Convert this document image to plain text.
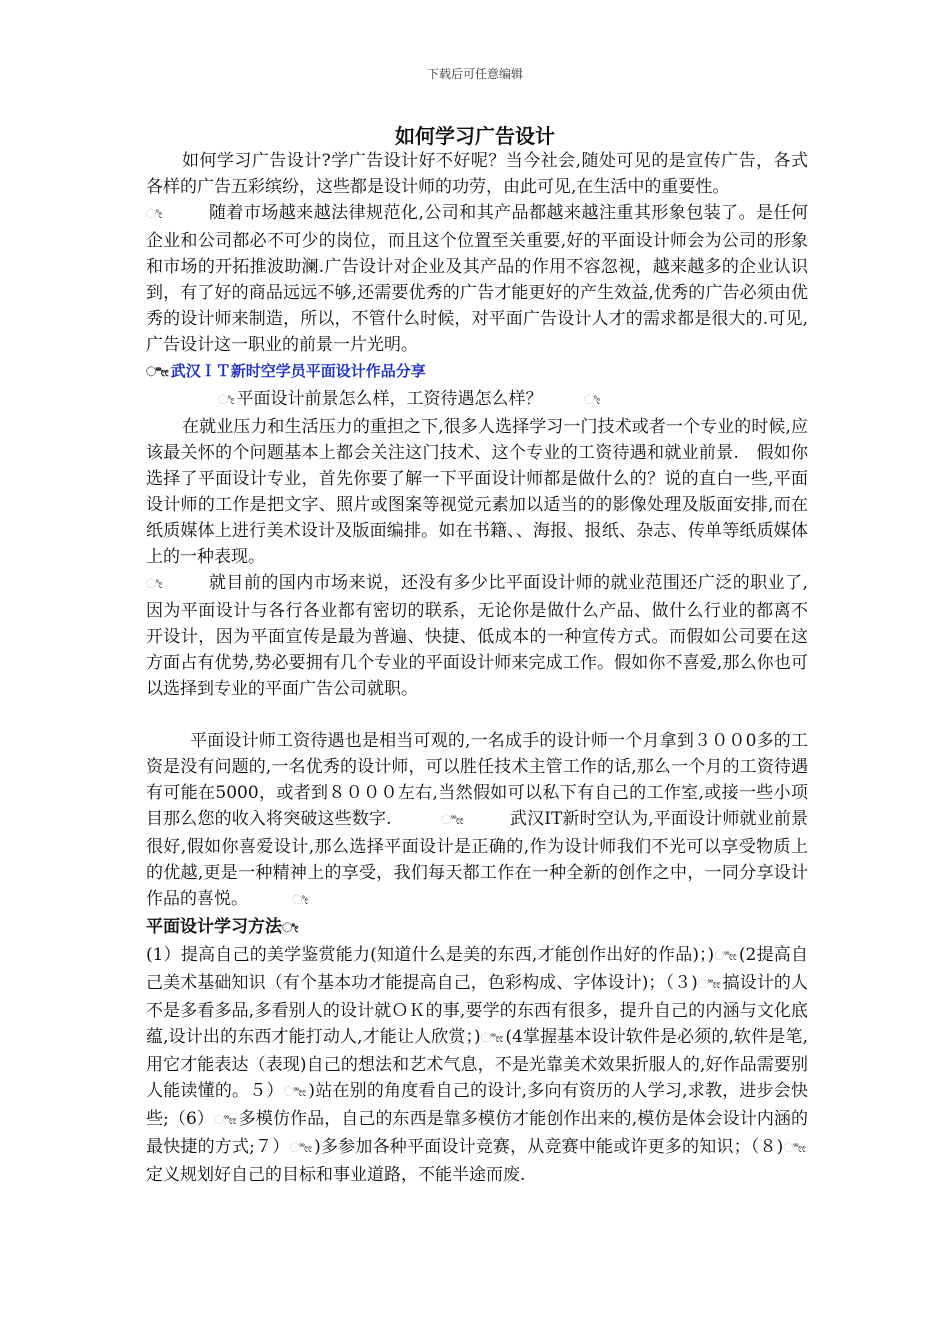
下载后可任意编辑
如何学习广告设计

如何学习广告设计?学广告设计好不好呢？当今社会,随处可见的是宣传广告，各式各样的广告五彩缤纷，这些都是设计师的功劳，由此可见,在生活中的重要性。

ೀ	随着市场越来越法律规范化,公司和其产品都越来越注重其形象包装了。是任何企业和公司都必不可少的岗位，而且这个位置至关重要,好的平面设计师会为公司的形象和市场的开拓推波助澜.广告设计对企业及其产品的作用不容忽视，越来越多的企业认识到，有了好的商品远远不够,还需要优秀的广告才能更好的产生效益,优秀的广告必须由优秀的设计师来制造，所以，不管什么时候，对平面广告设计人才的需求都是很大的.可见,广告设计这一职业的前景一片光明。

ೀೀ 武汉ＩＴ新时空学员平面设计作品分享

ೀ 平面设计前景怎么样，工资待遇怎么样？	ೀ

在就业压力和生活压力的重担之下,很多人选择学习一门技术或者一个专业的时候,应该最关怀的个问题基本上都会关注这门技术、这个专业的工资待遇和就业前景.　假如你选择了平面设计专业，首先你要了解一下平面设计师都是做什么的？说的直白一些,平面设计师的工作是把文字、照片或图案等视觉元素加以适当的的影像处理及版面安排,而在纸质媒体上进行美术设计及版面编排。如在书籍、、海报、报纸、杂志、传单等纸质媒体上的一种表现。

ೀ	就目前的国内市场来说，还没有多少比平面设计师的就业范围还广泛的职业了,因为平面设计与各行各业都有密切的联系，无论你是做什么产品、做什么行业的都离不开设计，因为平面宣传是最为普遍、快捷、低成本的一种宣传方式。而假如公司要在这方面占有优势,势必要拥有几个专业的平面设计师来完成工作。假如你不喜爱,那么你也可以选择到专业的平面广告公司就职。

平面设计师工资待遇也是相当可观的,一名成手的设计师一个月拿到３００0多的工资是没有问题的,一名优秀的设计师，可以胜任技术主管工作的话,那么一个月的工资待遇有可能在5000，或者到８０００左右,当然假如可以私下有自己的工作室,或接一些小项目那么您的收入将突破这些数字.	ೀೀ	武汉IT新时空认为,平面设计师就业前景很好,假如你喜爱设计,那么选择平面设计是正确的,作为设计师我们不光可以享受物质上的优越,更是一种精神上的享受，我们每天都工作在一种全新的创作之中，一同分享设计作品的喜悦。	ೀ

平面设计学习方法ೀ

(1）提高自己的美学鉴赏能力(知道什么是美的东西,才能创作出好的作品)；)ೀೀ (2提高自己美术基础知识（有个基本功才能提高自己，色彩构成、字体设计)；（３)ೀೀ 搞设计的人不是多看多品,多看别人的设计就ＯＫ的事,要学的东西有很多，提升自己的内涵与文化底蕴,设计出的东西才能打动人,才能让人欣赏；)ೀೀ (4掌握基本设计软件是必须的,软件是笔,用它才能表达（表现)自己的想法和艺术气息，不是光靠美术效果折服人的,好作品需要别人能读懂的。５）ೀೀ )站在别的角度看自己的设计,多向有资历的人学习,求教，进步会快些;（6）ೀೀ 多模仿作品，自己的东西是靠多模仿才能创作出来的,模仿是体会设计内涵的最快捷的方式;７）ೀೀ )多参加各种平面设计竞赛，从竞赛中能或许更多的知识；（８)ೀೀ定义规划好自己的目标和事业道路，不能半途而废.
